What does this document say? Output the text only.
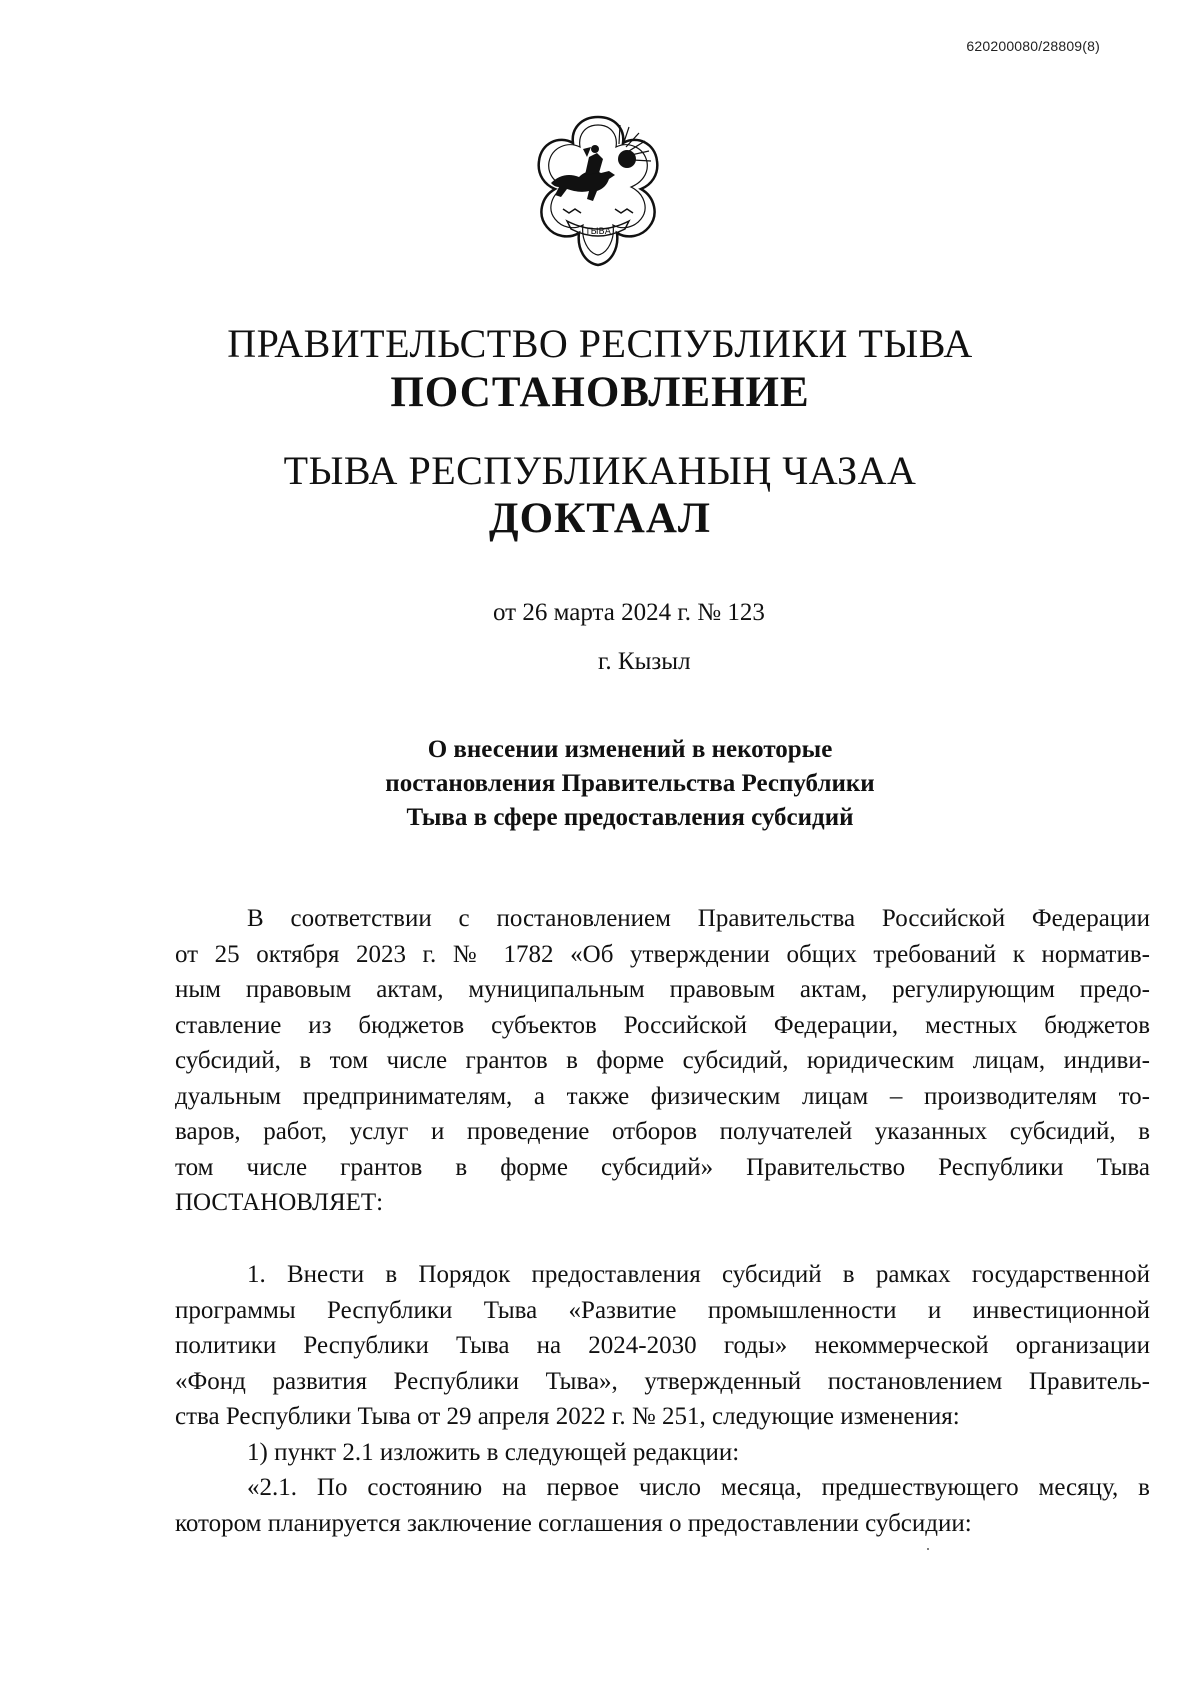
620200080/28809(8)
ТЫВА
ПРАВИТЕЛЬСТВО РЕСПУБЛИКИ ТЫВА
ПОСТАНОВЛЕНИЕ
ТЫВА РЕСПУБЛИКАНЫҢ ЧАЗАА
ДОКТААЛ
от 26 марта 2024 г. № 123
г. Кызыл
О внесении изменений в некоторые
постановления Правительства Республики
Тыва в сфере предоставления субсидий
В соответствии с постановлением Правительства Российской Федерации
от 25 октября 2023 г. № 1782 «Об утверждении общих требований к норматив-
ным правовым актам, муниципальным правовым актам, регулирующим предо-
ставление из бюджетов субъектов Российской Федерации, местных бюджетов
субсидий, в том числе грантов в форме субсидий, юридическим лицам, индиви-
дуальным предпринимателям, а также физическим лицам – производителям то-
варов, работ, услуг и проведение отборов получателей указанных субсидий, в
том числе грантов в форме субсидий» Правительство Республики Тыва
ПОСТАНОВЛЯЕТ:
1. Внести в Порядок предоставления субсидий в рамках государственной
программы Республики Тыва «Развитие промышленности и инвестиционной
политики Республики Тыва на 2024-2030 годы» некоммерческой организации
«Фонд развития Республики Тыва», утвержденный постановлением Правитель-
ства Республики Тыва от 29 апреля 2022 г. № 251, следующие изменения:
1) пункт 2.1 изложить в следующей редакции:
«2.1. По состоянию на первое число месяца, предшествующего месяцу, в
котором планируется заключение соглашения о предоставлении субсидии:
